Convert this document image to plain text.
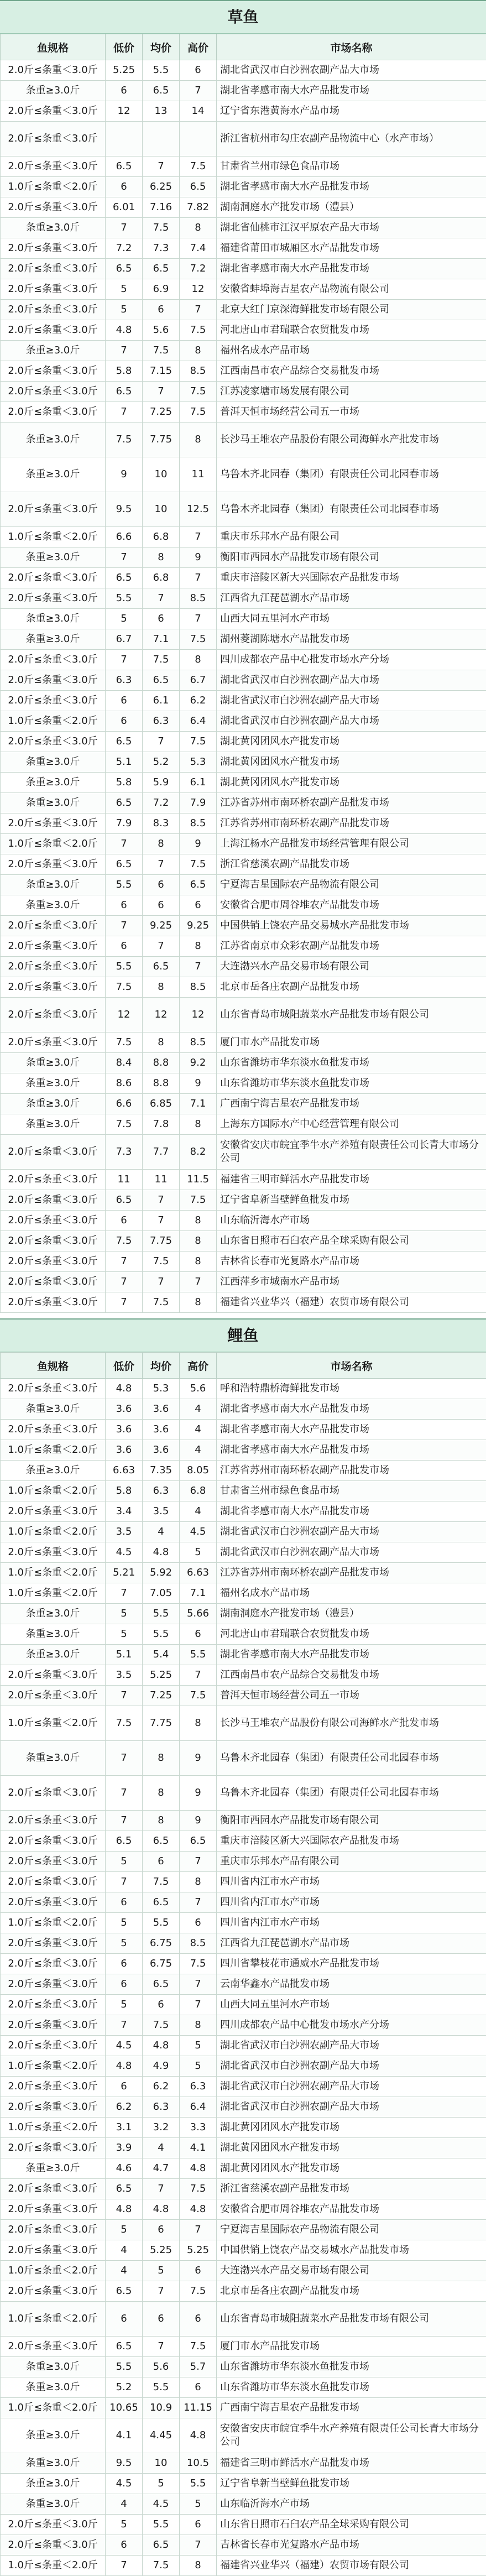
草鱼
鱼规格	低价	均价	高价	市场名称
2.0斤≤条重＜3.0斤	5.25	5.5	6	湖北省武汉市白沙洲农副产品大市场
条重≥3.0斤	6	6.5	7	湖北省孝感市南大水产品批发市场
2.0斤≤条重＜3.0斤	12	13	14	辽宁省东港黄海水产品市场
2.0斤≤条重＜3.0斤				浙江省杭州市勾庄农副产品物流中心（水产市场）
2.0斤≤条重＜3.0斤	6.5	7	7.5	甘肃省兰州市绿色食品市场
1.0斤≤条重＜2.0斤	6	6.25	6.5	湖北省孝感市南大水产品批发市场
2.0斤≤条重＜3.0斤	6.01	7.16	7.82	湖南洞庭水产批发市场（澧县）
条重≥3.0斤	7	7.5	8	湖北省仙桃市江汉平原农产品大市场
2.0斤≤条重＜3.0斤	7.2	7.3	7.4	福建省莆田市城厢区水产品批发市场
2.0斤≤条重＜3.0斤	6.5	6.5	7.2	湖北省孝感市南大水产品批发市场
2.0斤≤条重＜3.0斤	5	6.9	12	安徽省蚌埠海吉星农产品物流有限公司
2.0斤≤条重＜3.0斤	5	6	7	北京大红门京深海鲜批发市场有限公司
2.0斤≤条重＜3.0斤	4.8	5.6	7.5	河北唐山市君瑞联合农贸批发市场
条重≥3.0斤	7	7.5	8	福州名成水产品市场
2.0斤≤条重＜3.0斤	5.8	7.15	8.5	江西南昌市农产品综合交易批发市场
2.0斤≤条重＜3.0斤	6.5	7	7.5	江苏凌家塘市场发展有限公司
2.0斤≤条重＜3.0斤	7	7.25	7.5	普洱天恒市场经营公司五一市场
条重≥3.0斤	7.5	7.75	8	长沙马王堆农产品股份有限公司海鲜水产批发市场
条重≥3.0斤	9	10	11	乌鲁木齐北园春（集团）有限责任公司北园春市场
2.0斤≤条重＜3.0斤	9.5	10	12.5	乌鲁木齐北园春（集团）有限责任公司北园春市场
1.0斤≤条重＜2.0斤	6.6	6.8	7	重庆市乐邦水产品有限公司
条重≥3.0斤	7	8	9	衡阳市西园水产品批发市场有限公司
2.0斤≤条重＜3.0斤	6.5	6.8	7	重庆市涪陵区新大兴国际农产品批发市场
2.0斤≤条重＜3.0斤	5.5	7	8.5	江西省九江琵琶湖水产品市场
条重≥3.0斤	5	6	7	山西大同五里河水产市场
条重≥3.0斤	6.7	7.1	7.5	湖州菱湖陈塘水产品批发市场
2.0斤≤条重＜3.0斤	7	7.5	8	四川成都农产品中心批发市场水产分场
2.0斤≤条重＜3.0斤	6.3	6.5	6.7	湖北省武汉市白沙洲农副产品大市场
2.0斤≤条重＜3.0斤	6	6.1	6.2	湖北省武汉市白沙洲农副产品大市场
1.0斤≤条重＜2.0斤	6	6.3	6.4	湖北省武汉市白沙洲农副产品大市场
2.0斤≤条重＜3.0斤	6.5	7	7.5	湖北黄冈团风水产批发市场
条重≥3.0斤	5.1	5.2	5.3	湖北黄冈团风水产批发市场
条重≥3.0斤	5.8	5.9	6.1	湖北黄冈团风水产批发市场
条重≥3.0斤	6.5	7.2	7.9	江苏省苏州市南环桥农副产品批发市场
2.0斤≤条重＜3.0斤	7.9	8.3	8.5	江苏省苏州市南环桥农副产品批发市场
1.0斤≤条重＜2.0斤	7	8	9	上海江杨水产品批发市场经营管理有限公司
2.0斤≤条重＜3.0斤	6.5	7	7.5	浙江省慈溪农副产品批发市场
条重≥3.0斤	5.5	6	6.5	宁夏海吉星国际农产品物流有限公司
条重≥3.0斤	6	6	6	安徽省合肥市周谷堆农产品批发市场
2.0斤≤条重＜3.0斤	7	9.25	9.25	中国供销上饶农产品交易城水产品批发市场
2.0斤≤条重＜3.0斤	6	7	8	江苏省南京市众彩农副产品批发市场
2.0斤≤条重＜3.0斤	5.5	6.5	7	大连渤兴水产品交易市场有限公司
2.0斤≤条重＜3.0斤	7.5	8	8.5	北京市岳各庄农副产品批发市场
2.0斤≤条重＜3.0斤	12	12	12	山东省青岛市城阳蔬菜水产品批发市场有限公司
2.0斤≤条重＜3.0斤	7.5	8	8.5	厦门市水产品批发市场
条重≥3.0斤	8.4	8.8	9.2	山东省潍坊市华东淡水鱼批发市场
条重≥3.0斤	8.6	8.8	9	山东省潍坊市华东淡水鱼批发市场
条重≥3.0斤	6.6	6.85	7.1	广西南宁海吉星农产品批发市场
条重≥3.0斤	7.5	7.8	8	上海东方国际水产中心经营管理有限公司
2.0斤≤条重＜3.0斤	7.3	7.7	8.2	安徽省安庆市皖宜季牛水产养殖有限责任公司长青大市场分公司
2.0斤≤条重＜3.0斤	11	11	11.5	福建省三明市鲜活水产品批发市场
2.0斤≤条重＜3.0斤	6.5	7	7.5	辽宁省阜新当壁鲜鱼批发市场
2.0斤≤条重＜3.0斤	6	7	8	山东临沂海水产市场
2.0斤≤条重＜3.0斤	7.5	7.75	8	山东省日照市石臼农产品全球采购有限公司
2.0斤≤条重＜3.0斤	7	7.5	8	吉林省长春市光复路水产品市场
2.0斤≤条重＜3.0斤	7	7	7	江西萍乡市城南水产品市场
2.0斤≤条重＜3.0斤	7	7.5	8	福建省兴业华兴（福建）农贸市场有限公司
鲤鱼
鱼规格	低价	均价	高价	市场名称
2.0斤≤条重＜3.0斤	4.8	5.3	5.6	呼和浩特鼎桥海鲜批发市场
条重≥3.0斤	3.6	3.6	4	湖北省孝感市南大水产品批发市场
2.0斤≤条重＜3.0斤	3.6	3.6	4	湖北省孝感市南大水产品批发市场
1.0斤≤条重＜2.0斤	3.6	3.6	4	湖北省孝感市南大水产品批发市场
条重≥3.0斤	6.63	7.35	8.05	江苏省苏州市南环桥农副产品批发市场
1.0斤≤条重＜2.0斤	5.8	6.3	6.8	甘肃省兰州市绿色食品市场
2.0斤≤条重＜3.0斤	3.4	3.5	4	湖北省孝感市南大水产品批发市场
1.0斤≤条重＜2.0斤	3.5	4	4.5	湖北省武汉市白沙洲农副产品大市场
2.0斤≤条重＜3.0斤	4.5	4.8	5	湖北省武汉市白沙洲农副产品大市场
1.0斤≤条重＜2.0斤	5.21	5.92	6.63	江苏省苏州市南环桥农副产品批发市场
1.0斤≤条重＜2.0斤	7	7.05	7.1	福州名成水产品市场
条重≥3.0斤	5	5.5	5.66	湖南洞庭水产批发市场（澧县）
条重≥3.0斤	5	5.5	6	河北唐山市君瑞联合农贸批发市场
条重≥3.0斤	5.1	5.4	5.5	湖北省孝感市南大水产品批发市场
2.0斤≤条重＜3.0斤	3.5	5.25	7	江西南昌市农产品综合交易批发市场
2.0斤≤条重＜3.0斤	7	7.25	7.5	普洱天恒市场经营公司五一市场
1.0斤≤条重＜2.0斤	7.5	7.75	8	长沙马王堆农产品股份有限公司海鲜水产批发市场
条重≥3.0斤	7	8	9	乌鲁木齐北园春（集团）有限责任公司北园春市场
2.0斤≤条重＜3.0斤	7	8	9	乌鲁木齐北园春（集团）有限责任公司北园春市场
2.0斤≤条重＜3.0斤	7	8	9	衡阳市西园水产品批发市场有限公司
2.0斤≤条重＜3.0斤	6.5	6.5	6.5	重庆市涪陵区新大兴国际农产品批发市场
2.0斤≤条重＜3.0斤	5	6	7	重庆市乐邦水产品有限公司
2.0斤≤条重＜3.0斤	7	7.5	8	四川省内江市水产市场
2.0斤≤条重＜3.0斤	6	6.5	7	四川省内江市水产市场
1.0斤≤条重＜2.0斤	5	5.5	6	四川省内江市水产市场
2.0斤≤条重＜3.0斤	5	6.75	8.5	江西省九江琵琶湖水产品市场
2.0斤≤条重＜3.0斤	6	6.75	7.5	四川省攀枝花市通威水产品批发市场
2.0斤≤条重＜3.0斤	6	6.5	7	云南华鑫水产品批发市场
2.0斤≤条重＜3.0斤	5	6	7	山西大同五里河水产市场
2.0斤≤条重＜3.0斤	7	7.5	8	四川成都农产品中心批发市场水产分场
2.0斤≤条重＜3.0斤	4.5	4.8	5	湖北省武汉市白沙洲农副产品大市场
1.0斤≤条重＜2.0斤	4.8	4.9	5	湖北省武汉市白沙洲农副产品大市场
2.0斤≤条重＜3.0斤	6	6.2	6.3	湖北省武汉市白沙洲农副产品大市场
2.0斤≤条重＜3.0斤	6.2	6.3	6.4	湖北省武汉市白沙洲农副产品大市场
1.0斤≤条重＜2.0斤	3.1	3.2	3.3	湖北黄冈团风水产批发市场
2.0斤≤条重＜3.0斤	3.9	4	4.1	湖北黄冈团风水产批发市场
条重≥3.0斤	4.6	4.7	4.8	湖北黄冈团风水产批发市场
2.0斤≤条重＜3.0斤	6.5	7	7.5	浙江省慈溪农副产品批发市场
2.0斤≤条重＜3.0斤	4.8	4.8	4.8	安徽省合肥市周谷堆农产品批发市场
2.0斤≤条重＜3.0斤	5	6	7	宁夏海吉星国际农产品物流有限公司
2.0斤≤条重＜3.0斤	4	5.25	5.25	中国供销上饶农产品交易城水产品批发市场
1.0斤≤条重＜2.0斤	4	5	6	大连渤兴水产品交易市场有限公司
2.0斤≤条重＜3.0斤	6.5	7	7.5	北京市岳各庄农副产品批发市场
1.0斤≤条重＜2.0斤	6	6	6	山东省青岛市城阳蔬菜水产品批发市场有限公司
2.0斤≤条重＜3.0斤	6.5	7	7.5	厦门市水产品批发市场
条重≥3.0斤	5.5	5.6	5.7	山东省潍坊市华东淡水鱼批发市场
条重≥3.0斤	5.2	5.5	6	山东省潍坊市华东淡水鱼批发市场
1.0斤≤条重＜2.0斤	10.65	10.9	11.15	广西南宁海吉星农产品批发市场
条重≥3.0斤	4.1	4.45	4.8	安徽省安庆市皖宜季牛水产养殖有限责任公司长青大市场分公司
条重≥3.0斤	9.5	10	10.5	福建省三明市鲜活水产品批发市场
条重≥3.0斤	4.5	5	5.5	辽宁省阜新当壁鲜鱼批发市场
条重≥3.0斤	4	4.5	5	山东临沂海水产市场
2.0斤≤条重＜3.0斤	5	5.5	6	山东省日照市石臼农产品全球采购有限公司
2.0斤≤条重＜3.0斤	6	6.5	7	吉林省长春市光复路水产品市场
1.0斤≤条重＜2.0斤	7	7.5	8	福建省兴业华兴（福建）农贸市场有限公司
